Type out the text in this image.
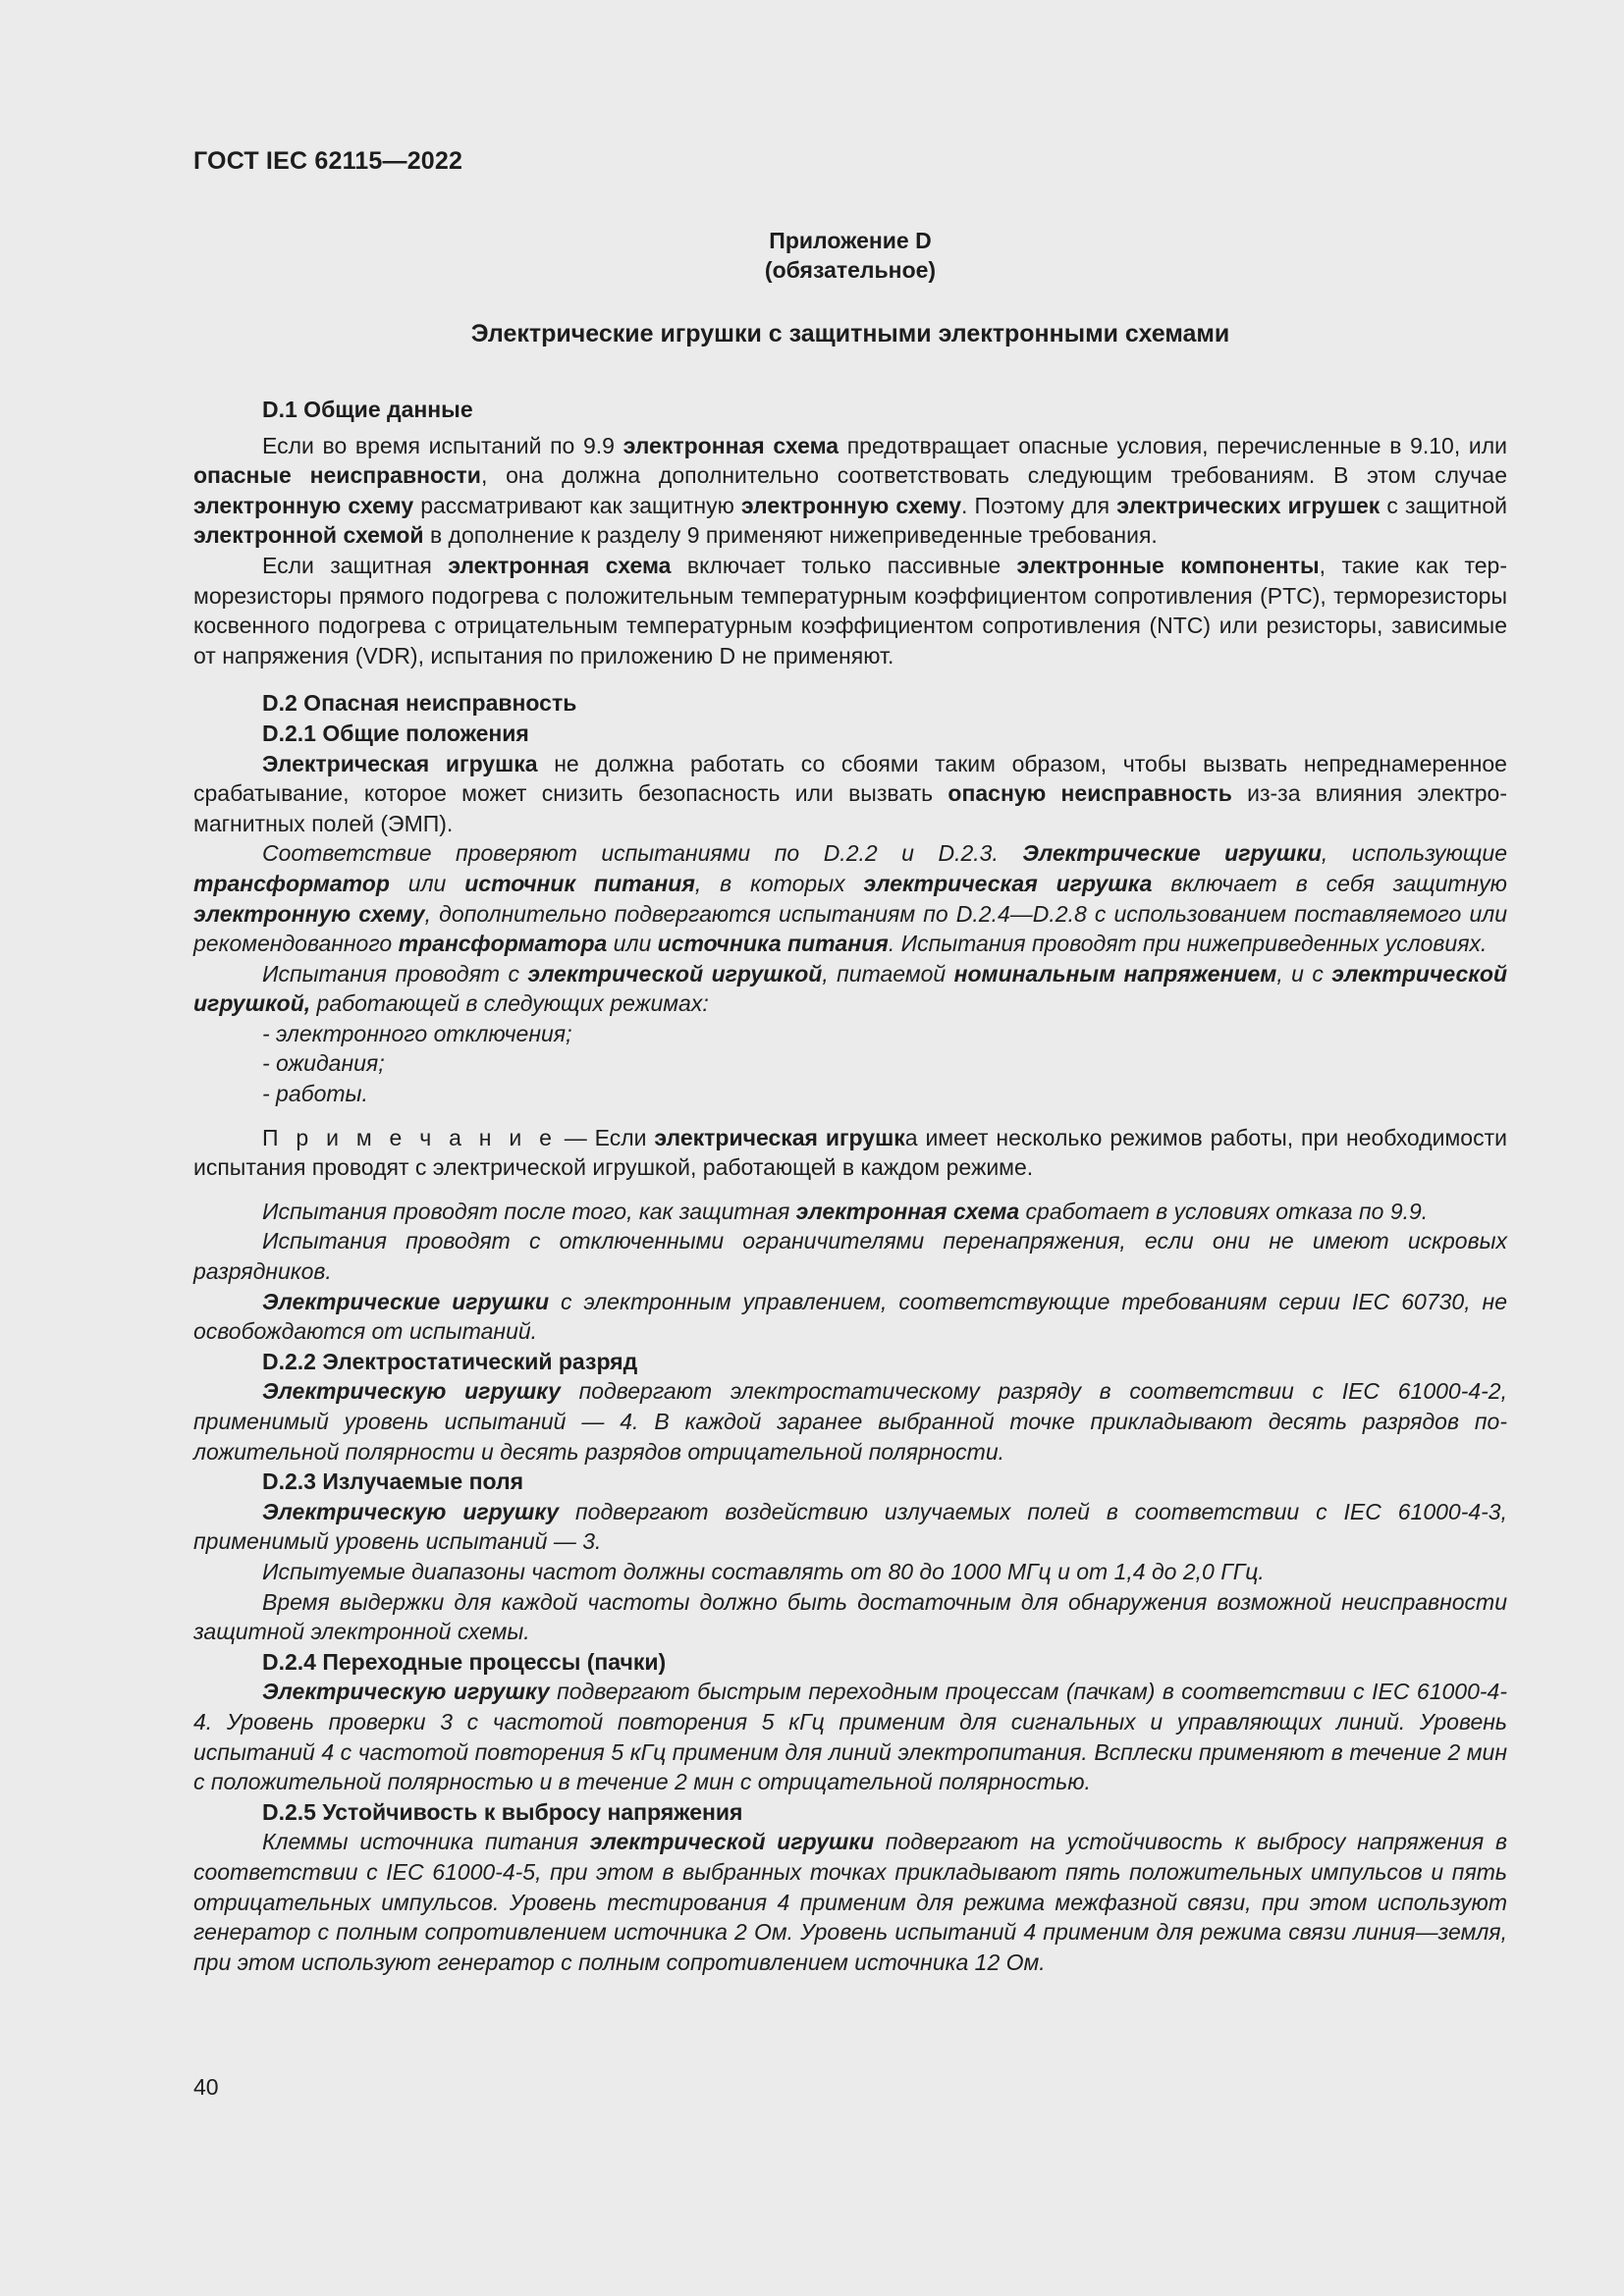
ГОСТ IEC 62115—2022
Приложение D
(обязательное)
Электрические игрушки с защитными электронными схемами

D.1 Общие данные

Если во время испытаний по 9.9 электронная схема предотвращает опасные условия, перечисленные в 9.10, или опасные неисправности, она должна дополнительно соответствовать следующим требованиям. В этом случае электронную схему рассматривают как защитную электронную схему. Поэтому для электрических игрушек с защитной электронной схемой в дополнение к разделу 9 применяют нижеприведенные требования.

Если защитная электронная схема включает только пассивные электронные компоненты, такие как терморезисторы прямого подогрева с положительным температурным коэффициентом сопротивления (PTC), терморезисторы косвенного подогрева с отрицательным температурным коэффициентом сопротивления (NTC) или резисторы, зависимые от напряжения (VDR), испытания по приложению D не применяют.

D.2 Опасная неисправность

D.2.1 Общие положения

Электрическая игрушка не должна работать со сбоями таким образом, чтобы вызвать непреднамеренное срабатывание, которое может снизить безопасность или вызвать опасную неисправность из-за влияния электромагнитных полей (ЭМП).

Соответствие проверяют испытаниями по D.2.2 и D.2.3. Электрические игрушки, использующие трансформатор или источник питания, в которых электрическая игрушка включает в себя защитную электронную схему, дополнительно подвергаются испытаниям по D.2.4—D.2.8 с использованием поставляемого или рекомендованного трансформатора или источника питания. Испытания проводят при нижеприведенных условиях.

Испытания проводят с электрической игрушкой, питаемой номинальным напряжением, и с электрической игрушкой, работающей в следующих режимах:

- электронного отключения;

- ожидания;

- работы.

П р и м е ч а н и е — Если электрическая игрушка имеет несколько режимов работы, при необходимости испытания проводят с электрической игрушкой, работающей в каждом режиме.

Испытания проводят после того, как защитная электронная схема сработает в условиях отказа по 9.9.

Испытания проводят с отключенными ограничителями перенапряжения, если они не имеют искровых разрядников.

Электрические игрушки с электронным управлением, соответствующие требованиям серии IEC 60730, не освобождаются от испытаний.

D.2.2 Электростатический разряд

Электрическую игрушку подвергают электростатическому разряду в соответствии с IEC 61000-4-2, применимый уровень испытаний — 4. В каждой заранее выбранной точке прикладывают десять разрядов положительной полярности и десять разрядов отрицательной полярности.

D.2.3 Излучаемые поля

Электрическую игрушку подвергают воздействию излучаемых полей в соответствии с IEC 61000-4-3, применимый уровень испытаний — 3.

Испытуемые диапазоны частот должны составлять от 80 до 1000 МГц и от 1,4 до 2,0 ГГц.

Время выдержки для каждой частоты должно быть достаточным для обнаружения возможной неисправности защитной электронной схемы.

D.2.4 Переходные процессы (пачки)

Электрическую игрушку подвергают быстрым переходным процессам (пачкам) в соответствии с IEC 61000-4-4. Уровень проверки 3 с частотой повторения 5 кГц применим для сигнальных и управляющих линий. Уровень испытаний 4 с частотой повторения 5 кГц применим для линий электропитания. Всплески применяют в течение 2 мин с положительной полярностью и в течение 2 мин с отрицательной полярностью.

D.2.5 Устойчивость к выбросу напряжения

Клеммы источника питания электрической игрушки подвергают на устойчивость к выбросу напряжения в соответствии с IEC 61000-4-5, при этом в выбранных точках прикладывают пять положительных импульсов и пять отрицательных импульсов. Уровень тестирования 4 применим для режима межфазной связи, при этом используют генератор с полным сопротивлением источника 2 Ом. Уровень испытаний 4 применим для режима связи линия—земля, при этом используют генератор с полным сопротивлением источника 12 Ом.

40
